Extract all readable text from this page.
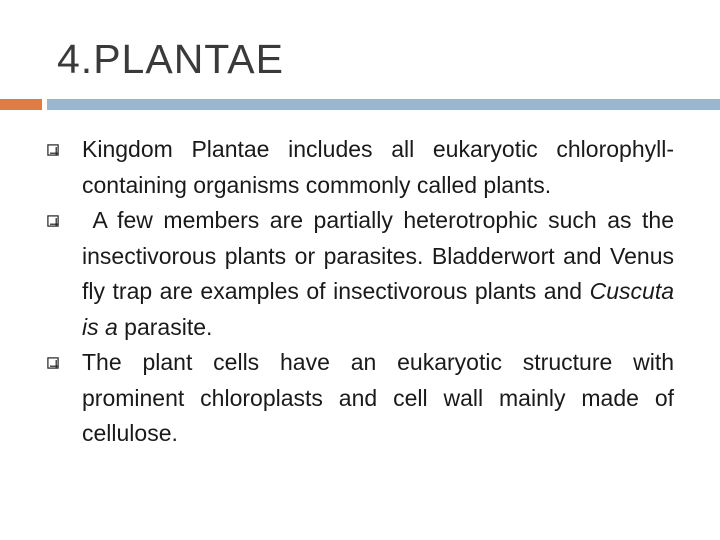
4.PLANTAE
Kingdom Plantae includes all eukaryotic chlorophyll-containing organisms commonly called plants.
A few members are partially heterotrophic such as the insectivorous plants or parasites. Bladderwort and Venus fly trap are examples of insectivorous plants and Cuscuta is a parasite.
The plant cells have an eukaryotic structure with prominent chloroplasts and cell wall mainly made of cellulose.
